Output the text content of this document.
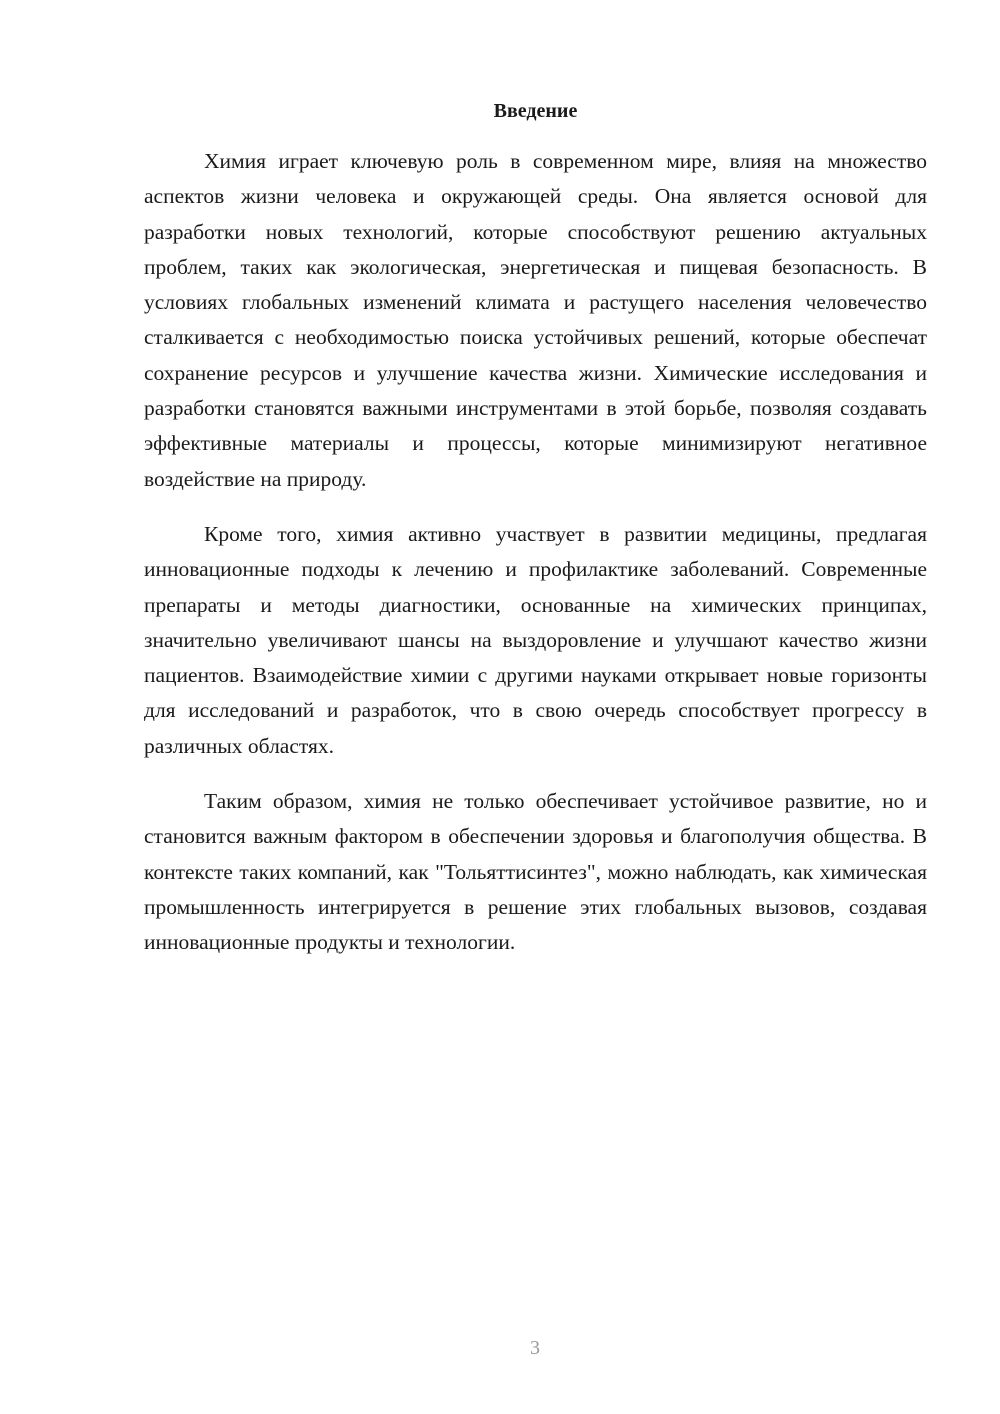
Введение

Химия играет ключевую роль в современном мире, влияя на множество аспектов жизни человека и окружающей среды. Она является основой для разработки новых технологий, которые способствуют решению актуальных проблем, таких как экологическая, энергетическая и пищевая безопасность. В условиях глобальных изменений климата и растущего населения человечество сталкивается с необходимостью поиска устойчивых решений, которые обеспечат сохранение ресурсов и улучшение качества жизни. Химические исследования и разработки становятся важными инструментами в этой борьбе, позволяя создавать эффективные материалы и процессы, которые минимизируют негативное воздействие на природу.

Кроме того, химия активно участвует в развитии медицины, предлагая инновационные подходы к лечению и профилактике заболеваний. Современные препараты и методы диагностики, основанные на химических принципах, значительно увеличивают шансы на выздоровление и улучшают качество жизни пациентов. Взаимодействие химии с другими науками открывает новые горизонты для исследований и разработок, что в свою очередь способствует прогрессу в различных областях.

Таким образом, химия не только обеспечивает устойчивое развитие, но и становится важным фактором в обеспечении здоровья и благополучия общества. В контексте таких компаний, как "Тольяттисинтез", можно наблюдать, как химическая промышленность интегрируется в решение этих глобальных вызовов, создавая инновационные продукты и технологии.

3
